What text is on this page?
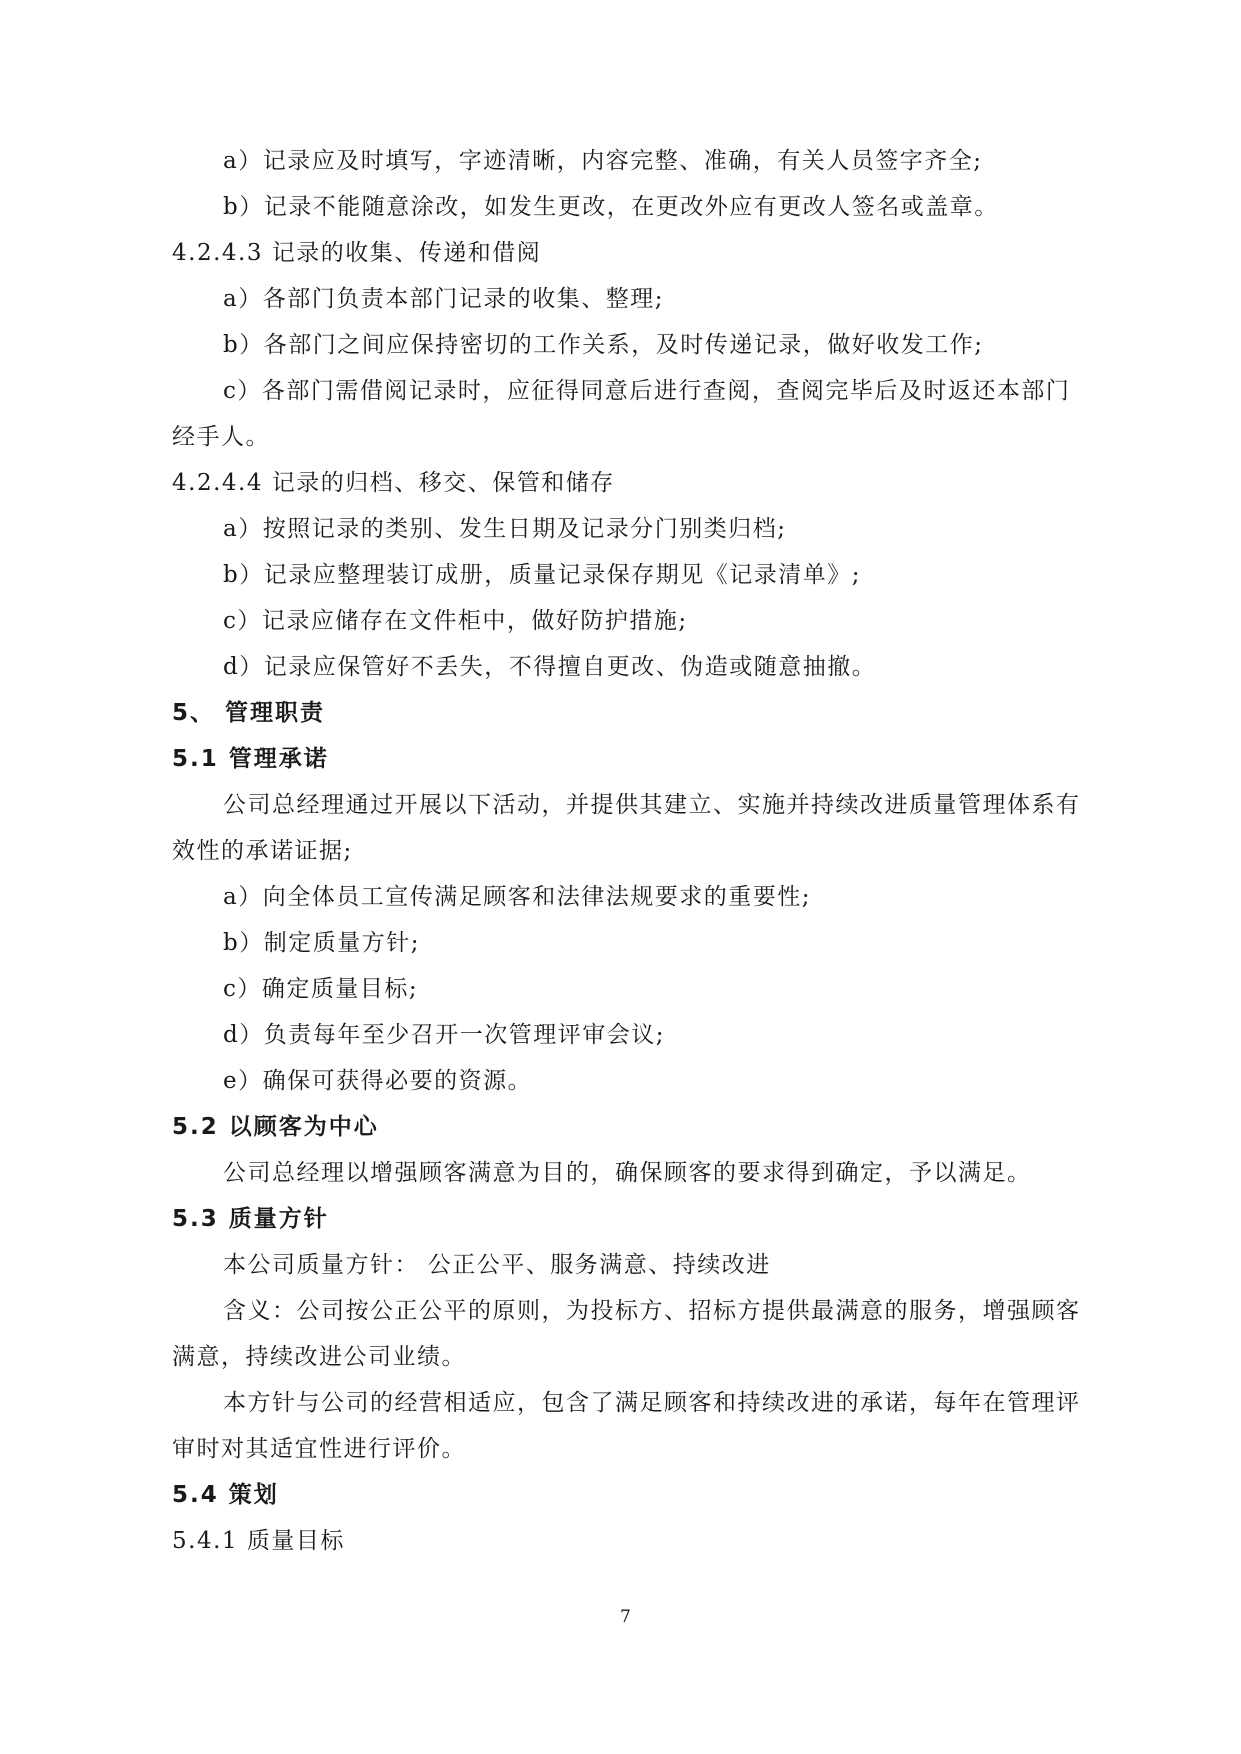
a）记录应及时填写，字迹清晰，内容完整、准确，有关人员签字齐全;
b）记录不能随意涂改，如发生更改，在更改外应有更改人签名或盖章。
4.2.4.3 记录的收集、传递和借阅
a）各部门负责本部门记录的收集、整理;
b）各部门之间应保持密切的工作关系，及时传递记录，做好收发工作;
c）各部门需借阅记录时，应征得同意后进行查阅，查阅完毕后及时返还本部门
经手人。
4.2.4.4 记录的归档、移交、保管和储存
a）按照记录的类别、发生日期及记录分门别类归档;
b）记录应整理装订成册，质量记录保存期见《记录清单》;
c）记录应储存在文件柜中，做好防护措施;
d）记录应保管好不丢失，不得擅自更改、伪造或随意抽撤。
5、 管理职责
5.1 管理承诺
公司总经理通过开展以下活动，并提供其建立、实施并持续改进质量管理体系有
效性的承诺证据;
a）向全体员工宣传满足顾客和法律法规要求的重要性;
b）制定质量方针;
c）确定质量目标;
d）负责每年至少召开一次管理评审会议;
e）确保可获得必要的资源。
5.2 以顾客为中心
公司总经理以增强顾客满意为目的，确保顾客的要求得到确定，予以满足。
5.3 质量方针
本公司质量方针： 公正公平、服务满意、持续改进
含义：公司按公正公平的原则，为投标方、招标方提供最满意的服务，增强顾客
满意，持续改进公司业绩。
本方针与公司的经营相适应，包含了满足顾客和持续改进的承诺，每年在管理评
审时对其适宜性进行评价。
5.4 策划
5.4.1 质量目标
7
